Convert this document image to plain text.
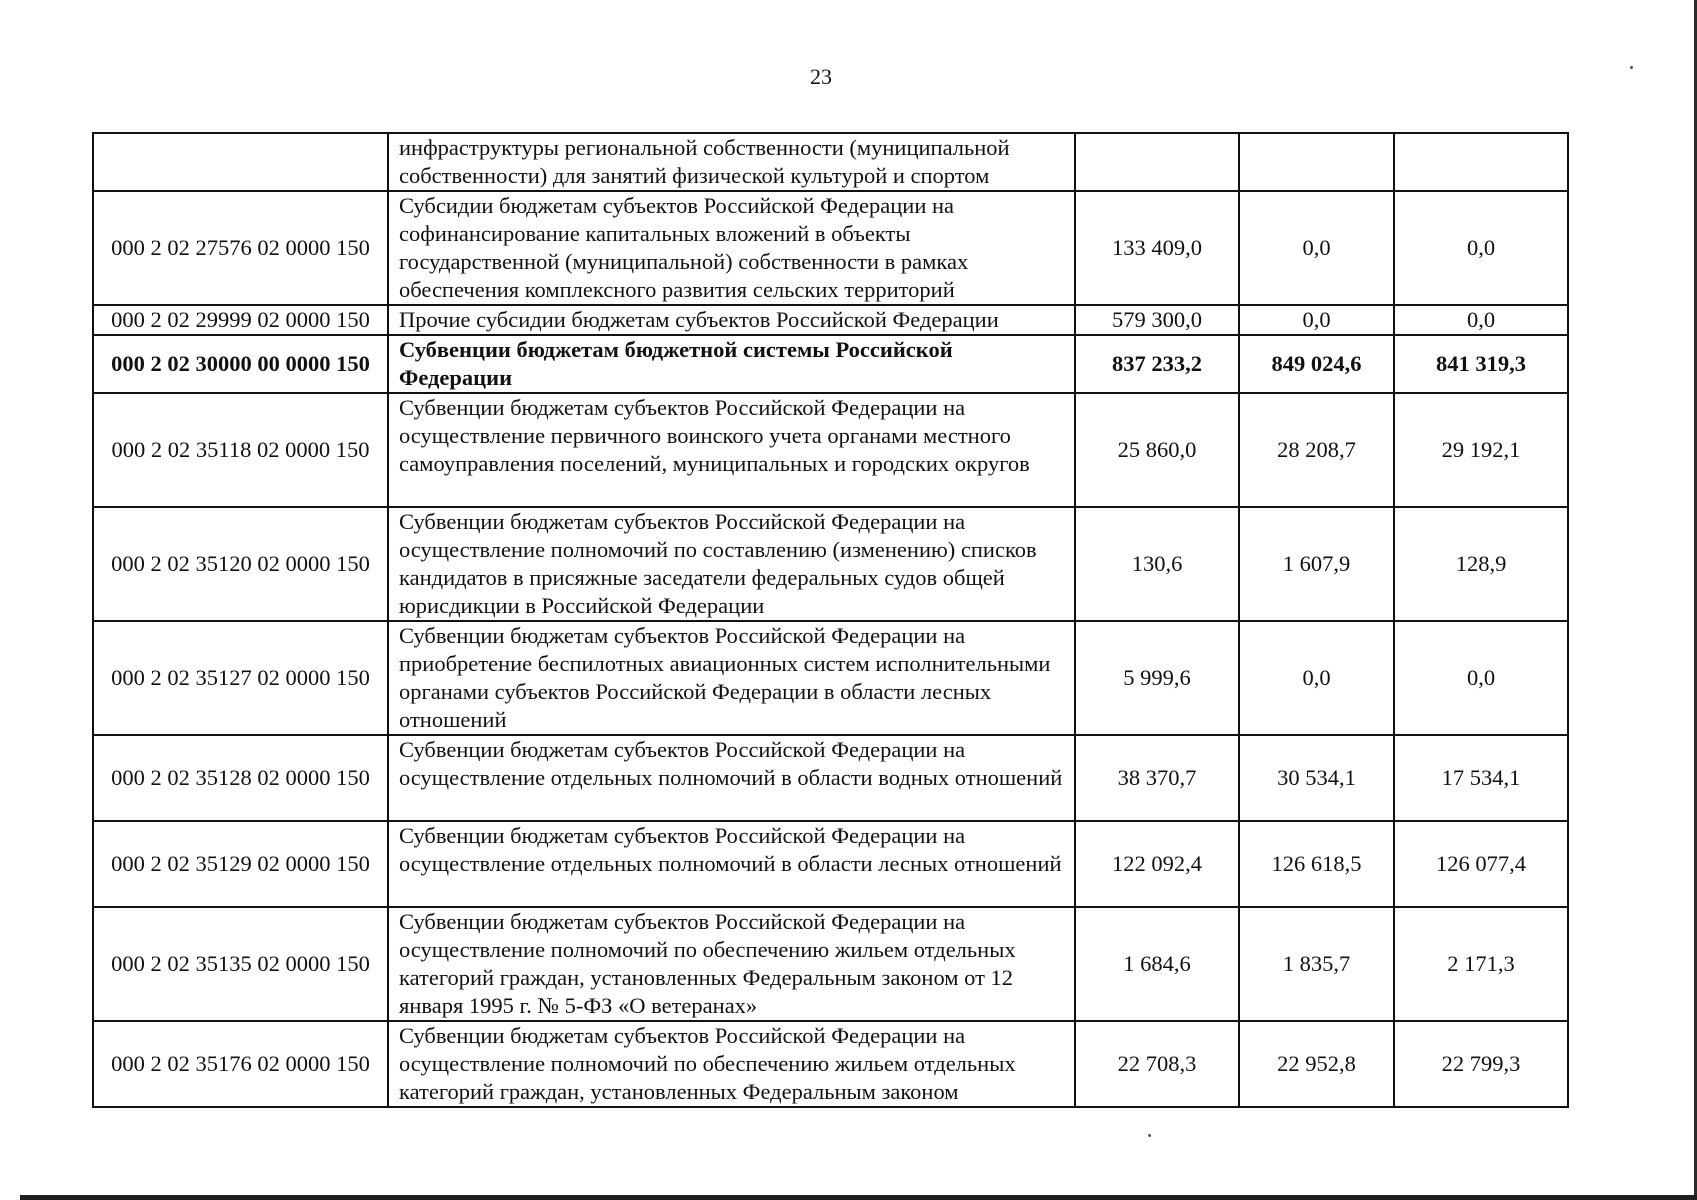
23
	инфраструктуры региональной собственности (муниципальной собственности) для занятий физической культурой и спортом			
000 2 02 27576 02 0000 150	Субсидии бюджетам субъектов Российской Федерации на софинансирование капитальных вложений в объекты государственной (муниципальной) собственности в рамках обеспечения комплексного развития сельских территорий	133 409,0	0,0	0,0
000 2 02 29999 02 0000 150	Прочие субсидии бюджетам субъектов Российской Федерации	579 300,0	0,0	0,0
000 2 02 30000 00 0000 150	Субвенции бюджетам бюджетной системы Российской Федерации	837 233,2	849 024,6	841 319,3
000 2 02 35118 02 0000 150	Субвенции бюджетам субъектов Российской Федерации на осуществление первичного воинского учета органами местного самоуправления поселений, муниципальных и городских округов	25 860,0	28 208,7	29 192,1
000 2 02 35120 02 0000 150	Субвенции бюджетам субъектов Российской Федерации на осуществление полномочий по составлению (изменению) списков кандидатов в присяжные заседатели федеральных судов общей юрисдикции в Российской Федерации	130,6	1 607,9	128,9
000 2 02 35127 02 0000 150	Субвенции бюджетам субъектов Российской Федерации на приобретение беспилотных авиационных систем исполнительными органами субъектов Российской Федерации в области лесных отношений	5 999,6	0,0	0,0
000 2 02 35128 02 0000 150	Субвенции бюджетам субъектов Российской Федерации на осуществление отдельных полномочий в области водных отношений	38 370,7	30 534,1	17 534,1
000 2 02 35129 02 0000 150	Субвенции бюджетам субъектов Российской Федерации на осуществление отдельных полномочий в области лесных отношений	122 092,4	126 618,5	126 077,4
000 2 02 35135 02 0000 150	Субвенции бюджетам субъектов Российской Федерации на осуществление полномочий по обеспечению жильем отдельных категорий граждан, установленных Федеральным законом от 12 января 1995 г. № 5-ФЗ «О ветеранах»	1 684,6	1 835,7	2 171,3
000 2 02 35176 02 0000 150	Субвенции бюджетам субъектов Российской Федерации на осуществление полномочий по обеспечению жильем отдельных категорий граждан, установленных Федеральным законом	22 708,3	22 952,8	22 799,3
